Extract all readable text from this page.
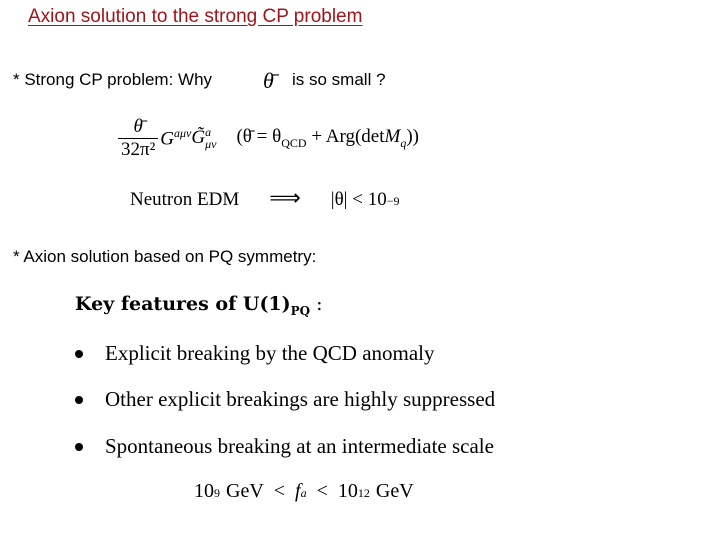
Axion solution to the strong CP problem
* Strong CP problem: Why θ̄ is so small ?
$\frac{\thetā}{\text{32π²}} G^{a\mu\nu}$ G̃ a
μν (θ̄ = $\theta_{QCD} + Arg(\det M_q)$)
Neutron EDM ⟹ |θ| < 10 −9
* Axion solution based on PQ symmetry:
Key features of $U(1)_{PQ}$ :
Explicit breaking by the QCD anomaly
Other explicit breakings are highly suppressed
Spontaneous breaking at an intermediate scale
10 9 GeV < f a < 10 12 GeV
